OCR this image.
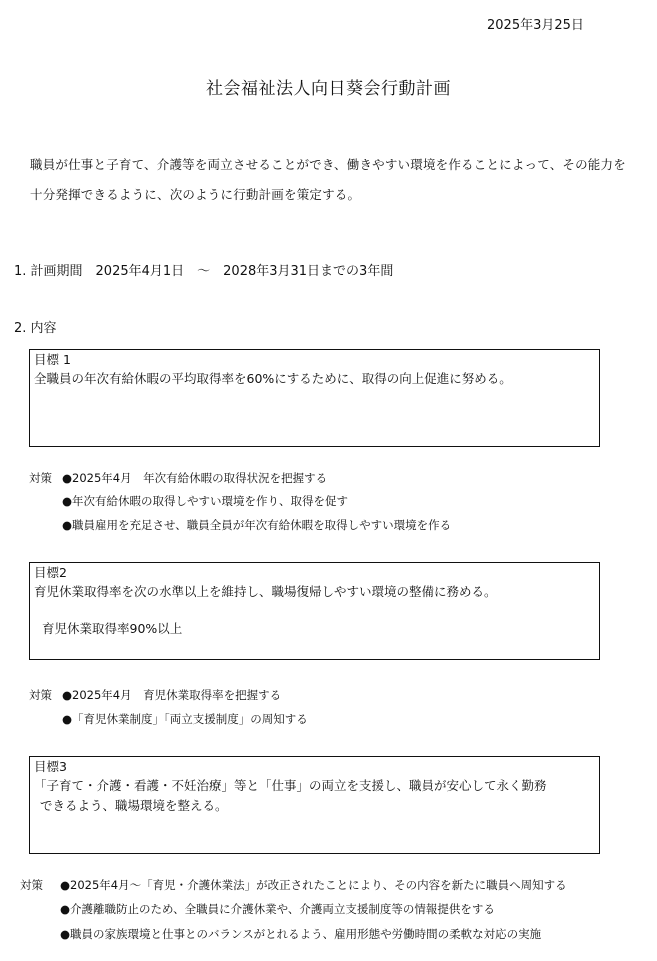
2025年3月25日
社会福祉法人向日葵会行動計画
職員が仕事と子育て、介護等を両立させることができ、働きやすい環境を作ることによって、その能力を
十分発揮できるように、次のように行動計画を策定する。
1. 計画期間　2025年4月1日　～　2028年3月31日までの3年間
2. 内容
目標 1
全職員の年次有給休暇の平均取得率を60%にするために、取得の向上促進に努める。
対策 ●2025年4月　年次有給休暇の取得状況を把握する
●年次有給休暇の取得しやすい環境を作り、取得を促す
●職員雇用を充足させ、職員全員が年次有給休暇を取得しやすい環境を作る
目標2
育児休業取得率を次の水準以上を維持し、職場復帰しやすい環境の整備に務める。
育児休業取得率90%以上
対策 ●2025年4月　育児休業取得率を把握する
●「育児休業制度」「両立支援制度」の周知する
目標3
「子育て・介護・看護・不妊治療」等と「仕事」の両立を支援し、職員が安心して永く勤務
できるよう、職場環境を整える。
対策 ●2025年4月～「育児・介護休業法」が改正されたことにより、その内容を新たに職員へ周知する
●介護離職防止のため、全職員に介護休業や、介護両立支援制度等の情報提供をする
●職員の家族環境と仕事とのバランスがとれるよう、雇用形態や労働時間の柔軟な対応の実施
